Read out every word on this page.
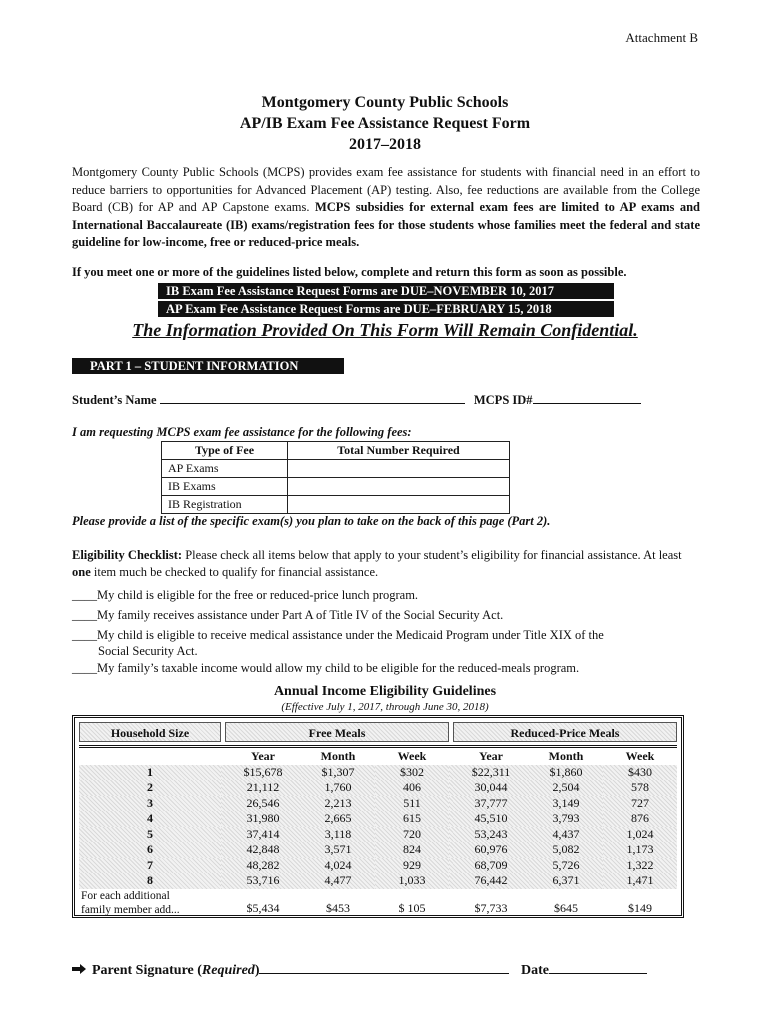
Attachment B
Montgomery County Public Schools
AP/IB Exam Fee Assistance Request Form
2017–2018
Montgomery County Public Schools (MCPS) provides exam fee assistance for students with financial need in an effort to reduce barriers to opportunities for Advanced Placement (AP) testing. Also, fee reductions are available from the College Board (CB) for AP and AP Capstone exams. MCPS subsidies for external exam fees are limited to AP exams and International Baccalaureate (IB) exams/registration fees for those students whose families meet the federal and state guideline for low-income, free or reduced-price meals.
If you meet one or more of the guidelines listed below, complete and return this form as soon as possible.
IB Exam Fee Assistance Request Forms are DUE–NOVEMBER 10, 2017
AP Exam Fee Assistance Request Forms are DUE–FEBRUARY 15, 2018
The Information Provided On This Form Will Remain Confidential.
PART 1 – STUDENT INFORMATION
Student’s Name	MCPS ID#
I am requesting MCPS exam fee assistance for the following fees:
Type of Fee	Total Number Required
AP Exams	
IB Exams	
IB Registration	
Please provide a list of the specific exam(s) you plan to take on the back of this page (Part 2).
Eligibility Checklist: Please check all items below that apply to your student’s eligibility for financial assistance. At least one item much be checked to qualify for financial assistance.
____My child is eligible for the free or reduced-price lunch program.
____My family receives assistance under Part A of Title IV of the Social Security Act.
____My child is eligible to receive medical assistance under the Medicaid Program under Title XIX of the
Social Security Act.
____My family’s taxable income would allow my child to be eligible for the reduced-meals program.
Annual Income Eligibility Guidelines
(Effective July 1, 2017, through June 30, 2018)
Household Size	Free Meals	Reduced-Price Meals
		Year	Month	Week		Year	Month	Week
1		$15,678	$1,307	$302		$22,311	$1,860	$430
2		21,112	1,760	406		30,044	2,504	578
3		26,546	2,213	511		37,777	3,149	727
4		31,980	2,665	615		45,510	3,793	876
5		37,414	3,118	720		53,243	4,437	1,024
6		42,848	3,571	824		60,976	5,082	1,173
7		48,282	4,024	929		68,709	5,726	1,322
8		53,716	4,477	1,033		76,442	6,371	1,471

For each additional
family member add...		$5,434	$453	$ 105		$7,733	$645	$149
Parent Signature (Required)	Date
